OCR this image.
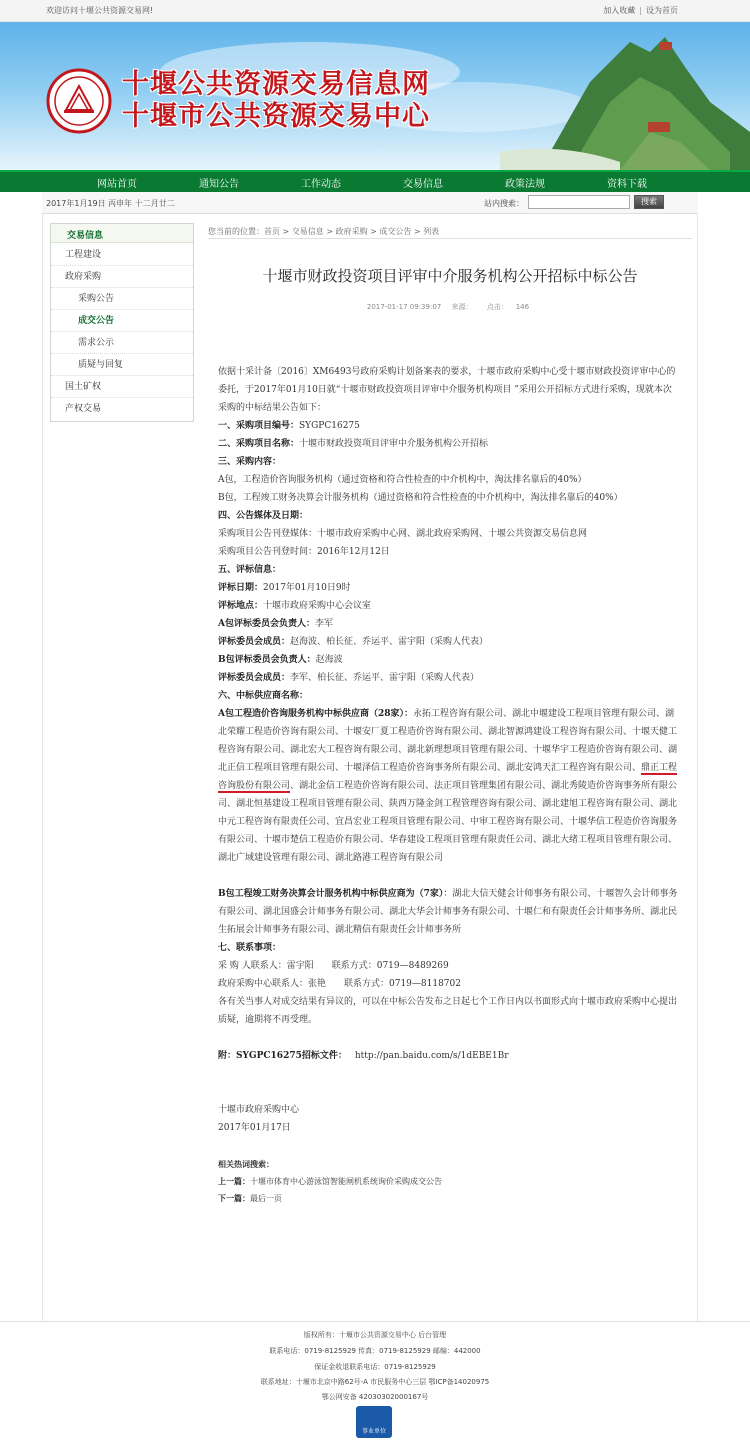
欢迎访问十堰公共资源交易网!	加入收藏 | 设为首页
十堰公共资源交易信息网
十堰市公共资源交易中心
网站首页	通知公告	工作动态	交易信息	政策法规	资料下载
2017年1月19日 丙申年 十二月廿二	站内搜索：	搜索
交易信息
工程建设
政府采购
采购公告
成交公告
需求公示
质疑与回复
国土矿权
产权交易
您当前的位置：首页 > 交易信息 > 政府采购 > 成交公告 > 列表
十堰市财政投资项目评审中介服务机构公开招标中标公告
2017-01-17 09:39:07 来源： 点击： 146

依据十采计备〔2016〕XM6493号政府采购计划备案表的要求，十堰市政府采购中心受十堰市财政投资评审中心的委托，于2017年01月10日就“十堰市财政投资项目评审中介服务机构项目 ”采用公开招标方式进行采购，现就本次采购的中标结果公告如下：

一、采购项目编号：SYGPC16275

二、采购项目名称：十堰市财政投资项目评审中介服务机构公开招标

三、采购内容：

A包，工程造价咨询服务机构（通过资格和符合性检查的中介机构中，淘汰排名靠后的40%）

B包，工程竣工财务决算会计服务机构（通过资格和符合性检查的中介机构中，淘汰排名靠后的40%）

四、公告媒体及日期：

采购项目公告刊登媒体：十堰市政府采购中心网、湖北政府采购网、十堰公共资源交易信息网

采购项目公告刊登时间：2016年12月12日

五、评标信息：

评标日期：2017年01月10日9时

评标地点：十堰市政府采购中心会议室

A包评标委员会负责人：李军

评标委员会成员：赵海波、柏长征、乔运平、雷宇阳（采购人代表）

B包评标委员会负责人：赵海波

评标委员会成员：李军、柏长征、乔运平、雷宇阳（采购人代表）

六、中标供应商名称：

A包工程造价咨询服务机构中标供应商（28家）：永拓工程咨询有限公司、湖北中堰建设工程项目管理有限公司、湖北荣耀工程造价咨询有限公司、十堰安厂夏工程造价咨询有限公司、湖北智源鸿建设工程咨询有限公司、十堰天健工程咨询有限公司、湖北宏大工程咨询有限公司、湖北新理想项目管理有限公司、十堰华宇工程造价咨询有限公司、湖北正信工程项目管理有限公司、十堰泽信工程造价咨询事务所有限公司、湖北安鸿天汇工程咨询有限公司、鼎正工程咨询股份有限公司、湖北金信工程造价咨询有限公司、法正项目管理集团有限公司、湖北秀陵造价咨询事务所有限公司、湖北恒基建设工程项目管理有限公司、陕西万隆金剑工程管理咨询有限公司、湖北建旭工程咨询有限公司、湖北中元工程咨询有限责任公司、宜昌宏业工程项目管理有限公司、中审工程咨询有限公司、十堰华信工程造价咨询服务有限公司、十堰市楚信工程造价有限公司、华春建设工程项目管理有限责任公司、湖北大绪工程项目管理有限公司、湖北广域建设管理有限公司、湖北路港工程咨询有限公司

B包工程竣工财务决算会计服务机构中标供应商为（7家）：湖北大信天健会计师事务有限公司、十堰智久会计师事务有限公司、湖北国盛会计师事务有限公司、湖北大华会计师事务有限公司、十堰仁和有限责任会计师事务所、湖北民生拓展会计师事务有限公司、湖北精信有限责任会计师事务所

七、联系事项：

采 购 人联系人：雷宇阳　　联系方式：0719—8489269

政府采购中心联系人：张艳　　联系方式：0719—8118702

各有关当事人对成交结果有异议的，可以在中标公告发布之日起七个工作日内以书面形式向十堰市政府采购中心提出质疑，逾期将不再受理。

附：SYGPC16275招标文件： http://pan.baidu.com/s/1dEBE1Br

十堰市政府采购中心

2017年01月17日

相关热词搜索：

上一篇：十堰市体育中心游泳馆智能闸机系统询价采购成交公告

下一篇：最后一页

版权所有：十堰市公共资源交易中心 后台管理
联系电话：0719-8125929 传真：0719-8125929 邮编：442000
保证金收退联系电话：0719-8125929
联系地址：十堰市北京中路62号-A 市民服务中心三层 鄂ICP备14020975
鄂公网安备 42030302000167号
事业单位
